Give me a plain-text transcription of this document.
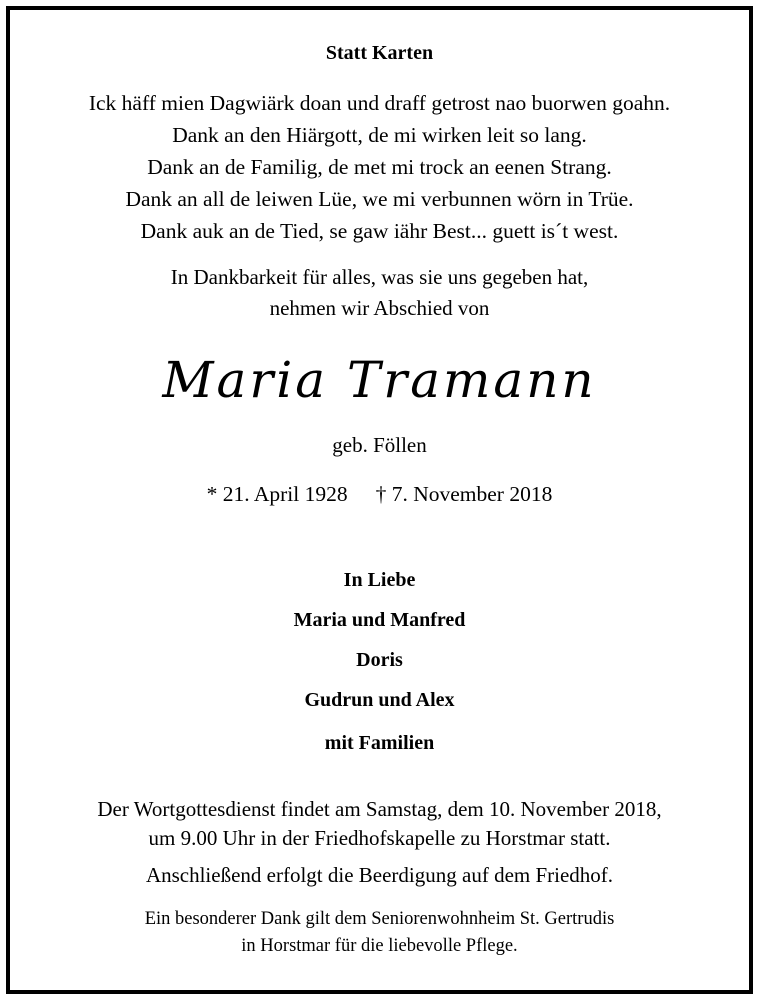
Statt Karten
Ick häff mien Dagwiärk doan und draff getrost nao buorwen goahn.
Dank an den Hiärgott, de mi wirken leit so lang.
Dank an de Familig, de met mi trock an eenen Strang.
Dank an all de leiwen Lüe, we mi verbunnen wörn in Trüe.
Dank auk an de Tied, se gaw iähr Best... guett is´t west.
In Dankbarkeit für alles, was sie uns gegeben hat,
nehmen wir Abschied von
Maria Tramann
geb. Föllen
* 21. April 1928 † 7. November 2018
In Liebe
Maria und Manfred
Doris
Gudrun und Alex
mit Familien
Der Wortgottesdienst findet am Samstag, dem 10. November 2018,
um 9.00 Uhr in der Friedhofskapelle zu Horstmar statt.
Anschließend erfolgt die Beerdigung auf dem Friedhof.
Ein besonderer Dank gilt dem Seniorenwohnheim St. Gertrudis
in Horstmar für die liebevolle Pflege.
